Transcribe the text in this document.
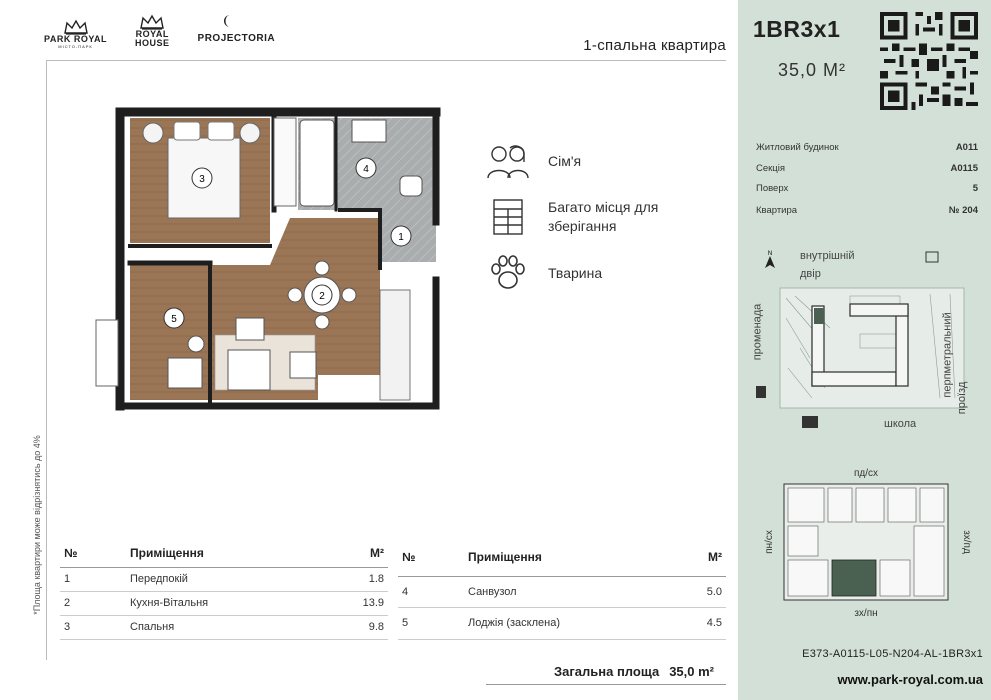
PARK ROYAL
МІСТО-ПАРК
ROYAL
HOUSE	PROJECTORIA	1-спальна квартира
*Площа квартири може відрізнятись до 4%
3
4
1
2
5
ЗХ/ПН
ЗХ/ПН
ЗХ/ПН
ЗХ/ПН
Сім'я
Багато місця для зберігання
Тварина
№	Приміщення	М²
1	Передпокій	1.8
2	Кухня-Вітальня	13.9
3	Спальня	9.8
№	Приміщення	М²
4	Санвузол	5.0
5	Лоджія (засклена)	4.5
Загальна площа 35,0 m²
1BR3x1
35,0 M²
Житловий будинок	А011
Секція	А0115
Поверх	5
Квартира	№ 204
N	внутрішній
двір
школа
променада	перпметральний
проїзд
пд/сх
зх/пн
пн/сх	зх/пд
E373-A0115-L05-N204-AL-1BR3x1
www.park-royal.com.ua
